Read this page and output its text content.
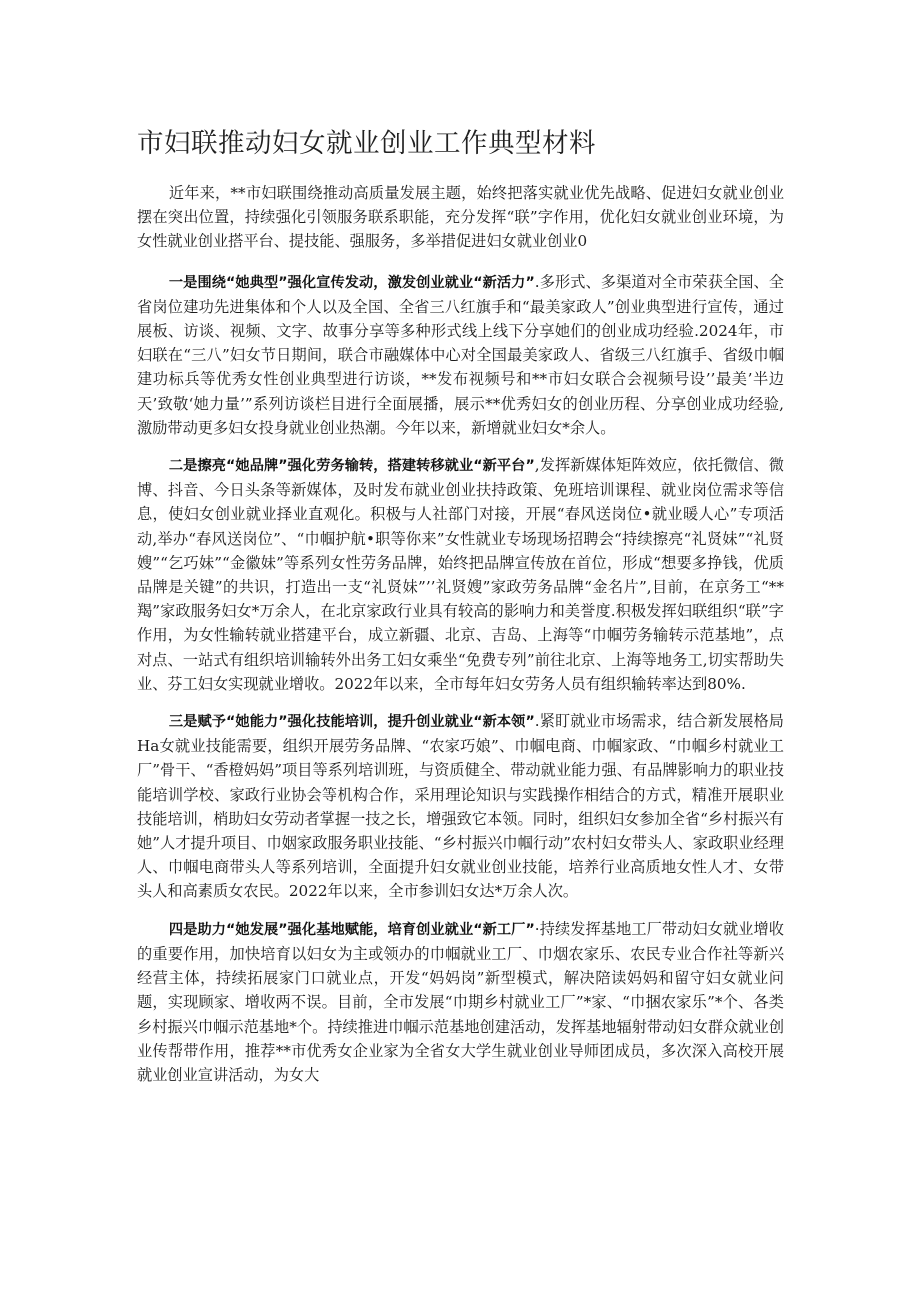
市妇联推动妇女就业创业工作典型材料

近年来，**市妇联围绕推动高质量发展主题，始终把落实就业优先战略、促进妇女就业创业摆在突出位置，持续强化引领服务联系职能，充分发挥“联”字作用，优化妇女就业创业环境，为女性就业创业搭平台、提技能、强服务，多举措促进妇女就业创业0

一是围绕“她典型”强化宣传发动，激发创业就业“新活力”.多形式、多渠道对全市荣获全国、全省岗位建功先进集体和个人以及全国、全省三八红旗手和“最美家政人”创业典型进行宣传，通过展板、访谈、视频、文字、故事分享等多种形式线上线下分享她们的创业成功经验.2024年，市妇联在“三八”妇女节日期间，联合市融媒体中心对全国最美家政人、省级三八红旗手、省级巾帼建功标兵等优秀女性创业典型进行访谈，**发布视频号和**市妇女联合会视频号设’’最美’半边天’致敬‘她力量’”系列访谈栏目进行全面展播，展示**优秀妇女的创业历程、分享创业成功经验,激励带动更多妇女投身就业创业热潮。今年以来，新增就业妇女*余人。

二是擦亮“她品牌”强化劳务输转，搭建转移就业“新平台”,发挥新媒体矩阵效应，依托微信、微博、抖音、今日头条等新媒体，及时发布就业创业扶持政策、免班培训课程、就业岗位需求等信息，使妇女创业就业择业直观化。积极与人社部门对接，开展“春风送岗位•就业暖人心”专项活动,举办“春风送岗位”、“巾帼护航•职等你来”女性就业专场现场招聘会“持续擦亮“礼贤妹”“礼贤嫂”“乞巧妹”“金徽妹”等系列女性劳务品牌，始终把品牌宣传放在首位，形成“想要多挣钱，优质品牌是关键”的共识，打造出一支“礼贤妹”’’礼贤嫂”家政劳务品牌“金名片”,目前，在京务工“**羯”家政服务妇女*万余人，在北京家政行业具有较高的影响力和美誉度.积极发挥妇联组织“联”字作用，为女性输转就业搭建平台，成立新疆、北京、吉岛、上海等“巾帼劳务输转示范基地”，点对点、一站式有组织培训输转外出务工妇女乘坐“免费专列”前往北京、上海等地务工,切实帮助失业、芬工妇女实现就业增收。2022年以来，全市每年妇女劳务人员有组织输转率达到80%.

三是赋予“她能力”强化技能培训，提升创业就业“新本领”.紧盯就业市场需求，结合新发展格局Ha女就业技能需要，组织开展劳务品牌、“农家巧娘”、巾帼电商、巾帼家政、“巾帼乡村就业工厂”骨干、“香橙妈妈”项目等系列培训班，与资质健全、带动就业能力强、有品牌影响力的职业技能培训学校、家政行业协会等机构合作，采用理论知识与实践操作相结合的方式，精准开展职业技能培训，梢助妇女劳动者掌握一技之长，增强致它本领。同时，组织妇女参加全省“乡村振兴有她”人才提升项目、巾姻家政服务职业技能、“乡村振兴巾帼行动”农村妇女带头人、家政职业经理人、巾帼电商带头人等系列培训，全面提升妇女就业创业技能，培养行业高质地女性人才、女带头人和高素质女农民。2022年以来，全市参训妇女达*万余人次。

四是助力“她发展”强化基地赋能，培育创业就业“新工厂”·持续发挥基地工厂带动妇女就业增收的重要作用，加快培育以妇女为主或领办的巾帼就业工厂、巾烟农家乐、农民专业合作社等新兴经营主体，持续拓展家门口就业点，开发“妈妈岗”新型模式，解决陪读妈妈和留守妇女就业问题，实现顾家、增收两不误。目前，全市发展“巾期乡村就业工厂”*家、“巾捆农家乐”*个、各类乡村振兴巾帼示范基地*个。持续推进巾帼示范基地创建活动，发挥基地辐射带动妇女群众就业创业传帮带作用，推荐**市优秀女企业家为全省女大学生就业创业导师团成员，多次深入高校开展就业创业宣讲活动，为女大
